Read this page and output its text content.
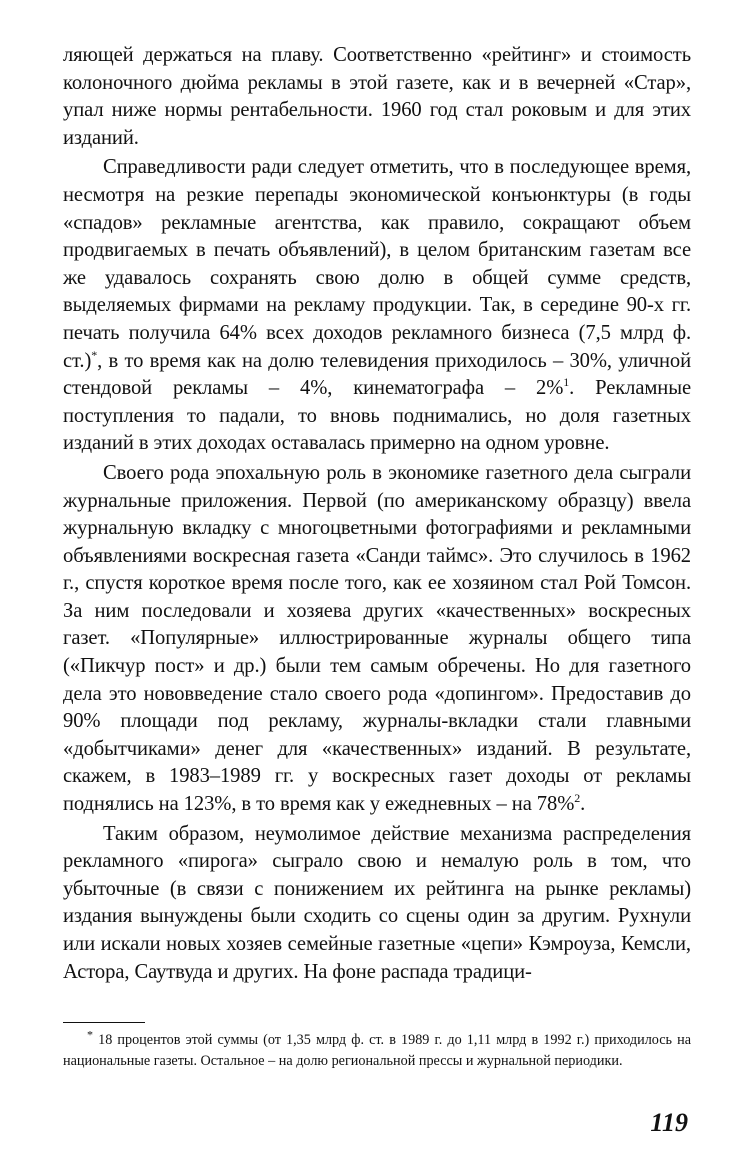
ляющей держаться на плаву. Соответственно «рейтинг» и стоимость колоночного дюйма рекламы в этой газете, как и в вечерней «Стар», упал ниже нормы рентабельности. 1960 год стал роковым и для этих изданий.

Справедливости ради следует отметить, что в последующее время, несмотря на резкие перепады экономической конъюнктуры (в годы «спадов» рекламные агентства, как правило, сокращают объем продвигаемых в печать объявлений), в целом британским газетам все же удавалось сохранять свою долю в общей сумме средств, выделяемых фирмами на рекламу продукции. Так, в середине 90-х гг. печать получила 64% всех доходов рекламного бизнеса (7,5 млрд ф. ст.)*, в то время как на долю телевидения приходилось – 30%, уличной стендовой рекламы – 4%, кинематографа – 2%$^1$. Рекламные поступления то падали, то вновь поднимались, но доля газетных изданий в этих доходах оставалась примерно на одном уровне.

Своего рода эпохальную роль в экономике газетного дела сыграли журнальные приложения. Первой (по американскому образцу) ввела журнальную вкладку с многоцветными фотографиями и рекламными объявлениями воскресная газета «Санди таймс». Это случилось в 1962 г., спустя короткое время после того, как ее хозяином стал Рой Томсон. За ним последовали и хозяева других «качественных» воскресных газет. «Популярные» иллюстрированные журналы общего типа («Пикчур пост» и др.) были тем самым обречены. Но для газетного дела это нововведение стало своего рода «допингом». Предоставив до 90% площади под рекламу, журналы-вкладки стали главными «добытчиками» денег для «качественных» изданий. В результате, скажем, в 1983–1989 гг. у воскресных газет доходы от рекламы поднялись на 123%, в то время как у ежедневных – на 78%$^2$.

Таким образом, неумолимое действие механизма распределения рекламного «пирога» сыграло свою и немалую роль в том, что убыточные (в связи с понижением их рейтинга на рынке рекламы) издания вынуждены были сходить со сцены один за другим. Рухнули или искали новых хозяев семейные газетные «цепи» Кэмроуза, Кемсли, Астора, Саутвуда и других. На фоне распада традици-

* 18 процентов этой суммы (от 1,35 млрд ф. ст. в 1989 г. до 1,11 млрд в 1992 г.) приходилось на национальные газеты. Остальное – на долю региональной прессы и журнальной периодики.

119
